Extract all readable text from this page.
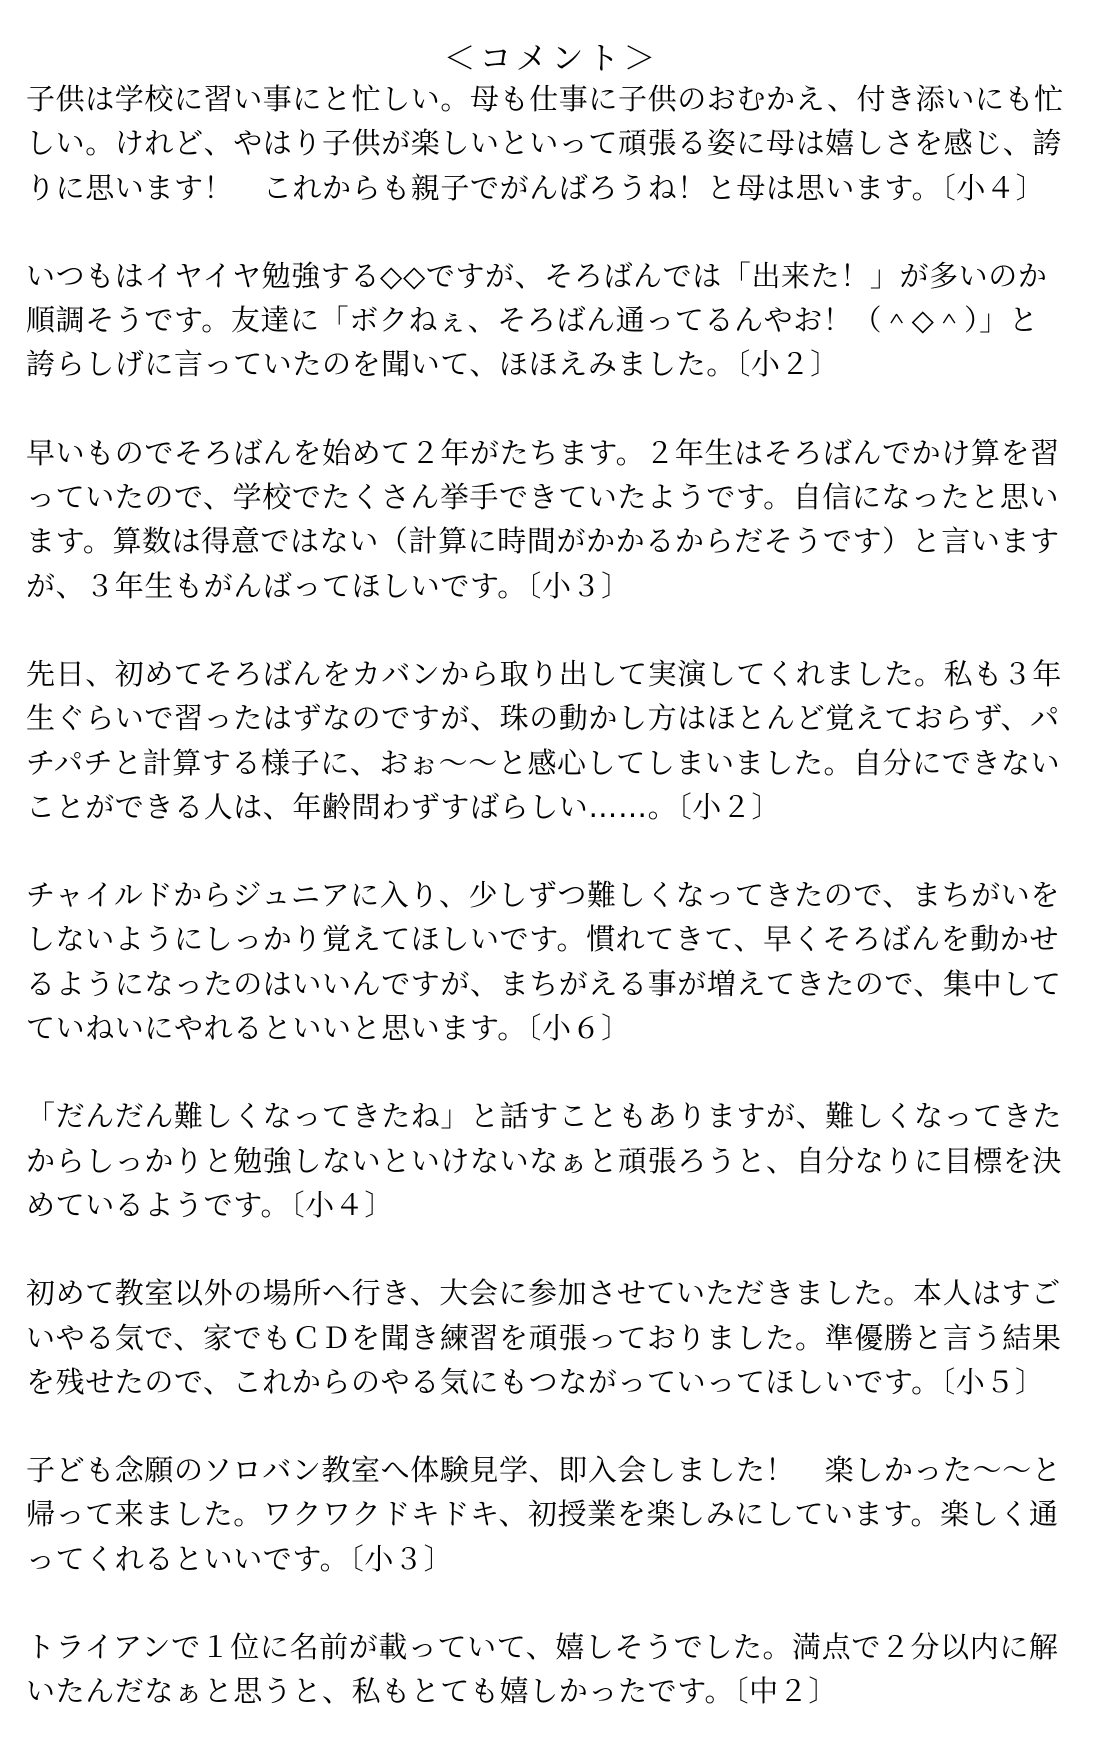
＜コメント＞
子供は学校に習い事にと忙しい。母も仕事に子供のおむかえ、付き添いにも忙
しい。けれど、やはり子供が楽しいといって頑張る姿に母は嬉しさを感じ、誇
りに思います！　これからも親子でがんばろうね！と母は思います。〔小４〕
いつもはイヤイヤ勉強する◇◇ですが、そろばんでは「出来た！」が多いのか
順調そうです。友達に「ボクねぇ、そろばん通ってるんやお！（＾◇＾）」と
誇らしげに言っていたのを聞いて、ほほえみました。〔小２〕
早いものでそろばんを始めて２年がたちます。２年生はそろばんでかけ算を習
っていたので、学校でたくさん挙手できていたようです。自信になったと思い
ます。算数は得意ではない（計算に時間がかかるからだそうです）と言います
が、３年生もがんばってほしいです。〔小３〕
先日、初めてそろばんをカバンから取り出して実演してくれました。私も３年
生ぐらいで習ったはずなのですが、珠の動かし方はほとんど覚えておらず、パ
チパチと計算する様子に、おぉ～～と感心してしまいました。自分にできない
ことができる人は、年齢問わずすばらしい……。〔小２〕
チャイルドからジュニアに入り、少しずつ難しくなってきたので、まちがいを
しないようにしっかり覚えてほしいです。慣れてきて、早くそろばんを動かせ
るようになったのはいいんですが、まちがえる事が増えてきたので、集中して
ていねいにやれるといいと思います。〔小６〕
「だんだん難しくなってきたね」と話すこともありますが、難しくなってきた
からしっかりと勉強しないといけないなぁと頑張ろうと、自分なりに目標を決
めているようです。〔小４〕
初めて教室以外の場所へ行き、大会に参加させていただきました。本人はすご
いやる気で、家でもＣＤを聞き練習を頑張っておりました。準優勝と言う結果
を残せたので、これからのやる気にもつながっていってほしいです。〔小５〕
子ども念願のソロバン教室へ体験見学、即入会しました！　楽しかった～～と
帰って来ました。ワクワクドキドキ、初授業を楽しみにしています。楽しく通
ってくれるといいです。〔小３〕
トライアンで１位に名前が載っていて、嬉しそうでした。満点で２分以内に解
いたんだなぁと思うと、私もとても嬉しかったです。〔中２〕
